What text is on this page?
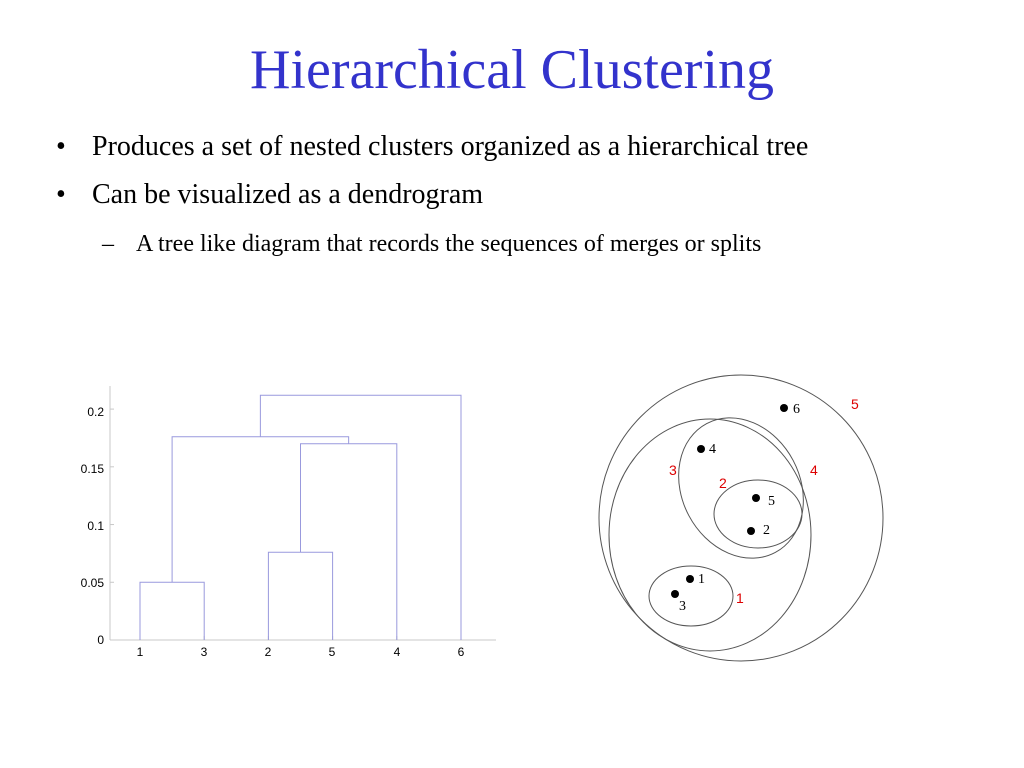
Hierarchical Clustering
• Produces a set of nested clusters organized as a hierarchical tree
• Can be visualized as a dendrogram
– A tree like diagram that records the sequences of merges or splits
0
0.05
0.1
0.15
0.2
1	3	2	5	4	6
1
2
3
4
5
6
1
2
3	4
5
